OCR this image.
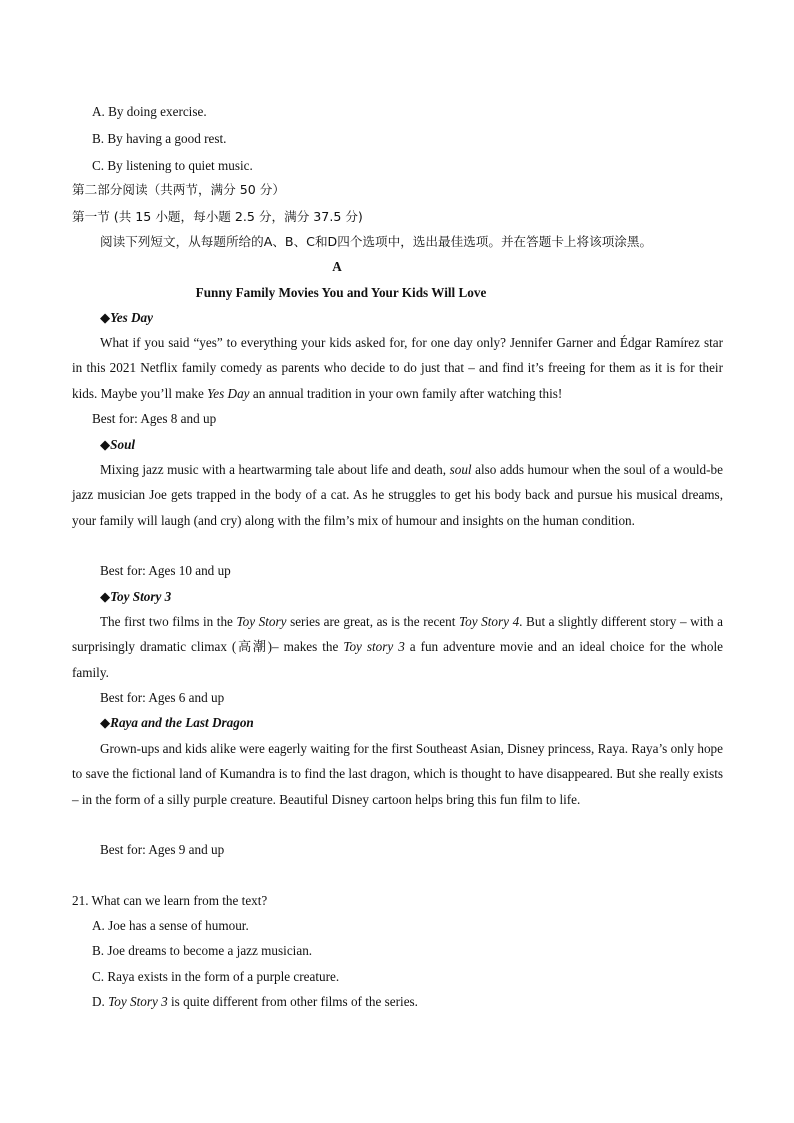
A. By doing exercise.
B. By having a good rest.
C. By listening to quiet music.
第二部分阅读（共两节，满分 50 分）
第一节 (共 15 小题，每小题 2.5 分，满分 37.5 分)
阅读下列短文，从每题所给的A、B、C和D四个选项中，选出最佳选项。并在答题卡上将该项涂黑。
A
Funny Family Movies You and Your Kids Will Love
◆Yes Day
What if you said “yes” to everything your kids asked for, for one day only? Jennifer Garner and Édgar Ramírez star in this 2021 Netflix family comedy as parents who decide to do just that – and find it’s freeing for them as it is for their kids. Maybe you’ll make Yes Day an annual tradition in your own family after watching this!
Best for: Ages 8 and up
◆Soul
Mixing jazz music with a heartwarming tale about life and death, soul also adds humour when the soul of a would-be jazz musician Joe gets trapped in the body of a cat. As he struggles to get his body back and pursue his musical dreams, your family will laugh (and cry) along with the film’s mix of humour and insights on the human condition.
Best for: Ages 10 and up
◆Toy Story 3
The first two films in the Toy Story series are great, as is the recent Toy Story 4. But a slightly different story – with a surprisingly dramatic climax (高潮)– makes the Toy story 3 a fun adventure movie and an ideal choice for the whole family.
Best for: Ages 6 and up
◆Raya and the Last Dragon
Grown-ups and kids alike were eagerly waiting for the first Southeast Asian, Disney princess, Raya. Raya’s only hope to save the fictional land of Kumandra is to find the last dragon, which is thought to have disappeared. But she really exists – in the form of a silly purple creature. Beautiful Disney cartoon helps bring this fun film to life.
Best for: Ages 9 and up
21. What can we learn from the text?
A. Joe has a sense of humour.
B. Joe dreams to become a jazz musician.
C. Raya exists in the form of a purple creature.
D. Toy Story 3 is quite different from other films of the series.
